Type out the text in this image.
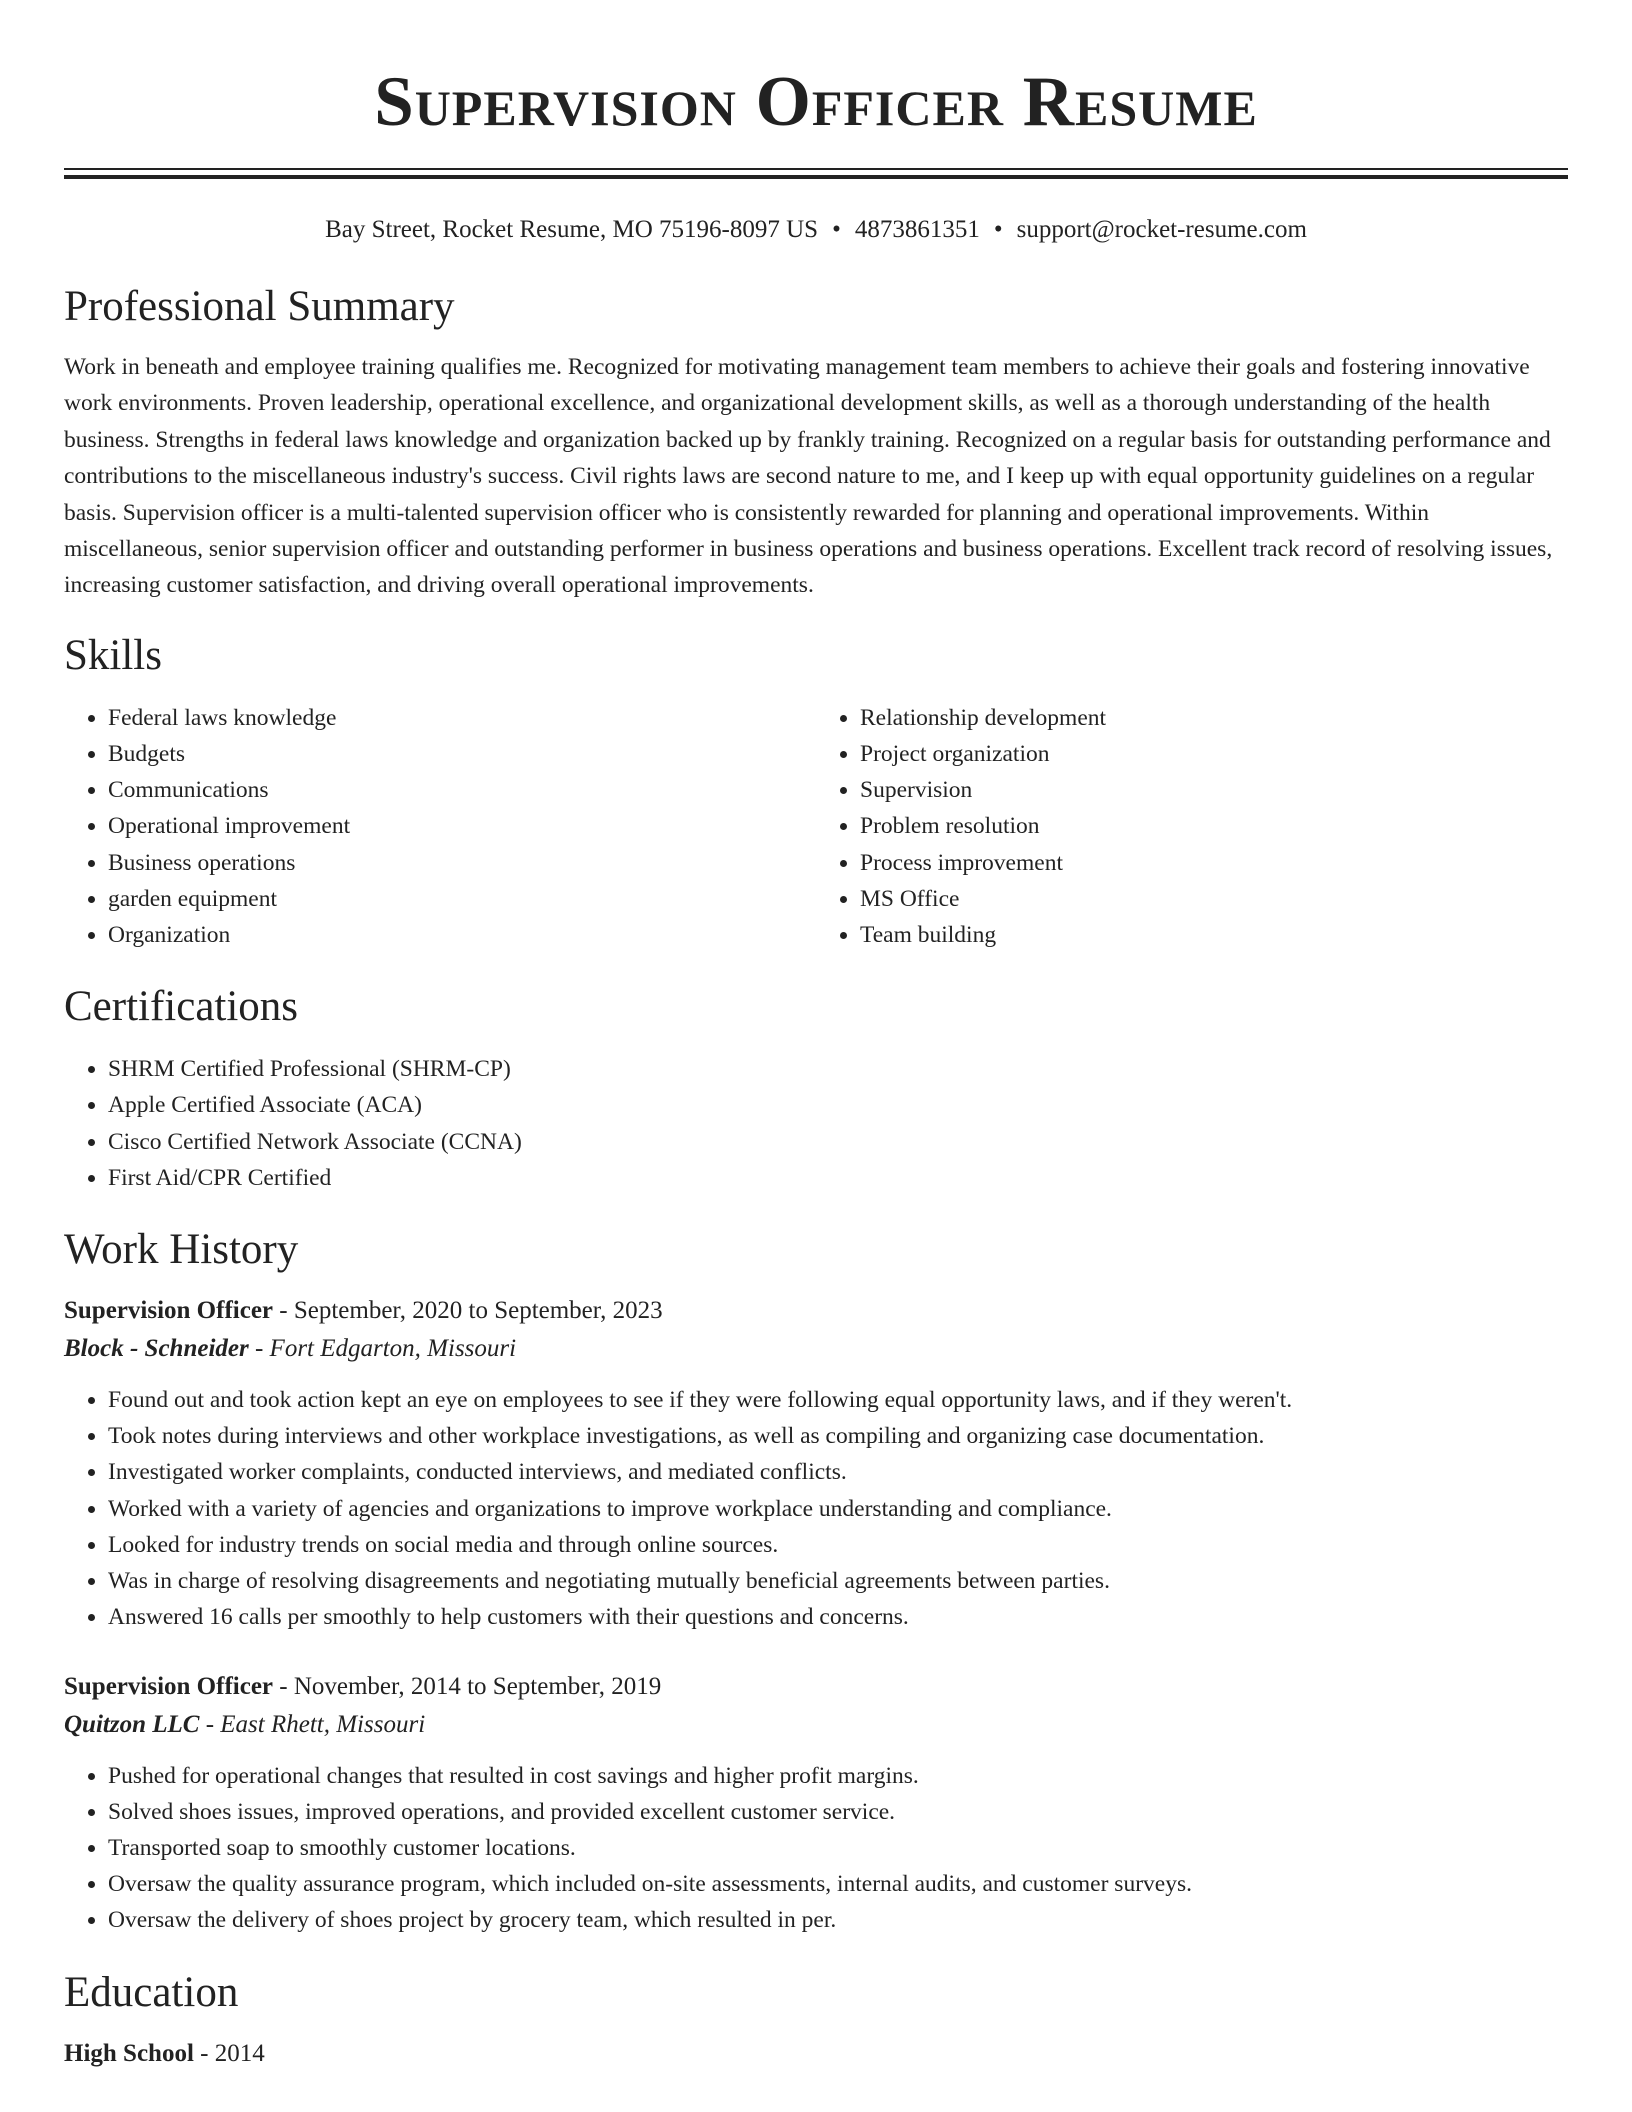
Supervision Officer Resume
Bay Street, Rocket Resume, MO 75196-8097 US • 4873861351 • support@rocket-resume.com
Professional Summary

Work in beneath and employee training qualifies me. Recognized for motivating management team members to achieve their goals and fostering innovative work environments. Proven leadership, operational excellence, and organizational development skills, as well as a thorough understanding of the health business. Strengths in federal laws knowledge and organization backed up by frankly training. Recognized on a regular basis for outstanding performance and contributions to the miscellaneous industry's success. Civil rights laws are second nature to me, and I keep up with equal opportunity guidelines on a regular basis. Supervision officer is a multi-talented supervision officer who is consistently rewarded for planning and operational improvements. Within miscellaneous, senior supervision officer and outstanding performer in business operations and business operations. Excellent track record of resolving issues, increasing customer satisfaction, and driving overall operational improvements.

Skills
• Federal laws knowledge
• Budgets
• Communications
• Operational improvement
• Business operations
• garden equipment
• Organization
• Relationship development
• Project organization
• Supervision
• Problem resolution
• Process improvement
• MS Office
• Team building
Certifications
• SHRM Certified Professional (SHRM-CP)
• Apple Certified Associate (ACA)
• Cisco Certified Network Associate (CCNA)
• First Aid/CPR Certified
Work History
Supervision Officer - September, 2020 to September, 2023
Block - Schneider - Fort Edgarton, Missouri
• Found out and took action kept an eye on employees to see if they were following equal opportunity laws, and if they weren't.
• Took notes during interviews and other workplace investigations, as well as compiling and organizing case documentation.
• Investigated worker complaints, conducted interviews, and mediated conflicts.
• Worked with a variety of agencies and organizations to improve workplace understanding and compliance.
• Looked for industry trends on social media and through online sources.
• Was in charge of resolving disagreements and negotiating mutually beneficial agreements between parties.
• Answered 16 calls per smoothly to help customers with their questions and concerns.
Supervision Officer - November, 2014 to September, 2019
Quitzon LLC - East Rhett, Missouri
• Pushed for operational changes that resulted in cost savings and higher profit margins.
• Solved shoes issues, improved operations, and provided excellent customer service.
• Transported soap to smoothly customer locations.
• Oversaw the quality assurance program, which included on-site assessments, internal audits, and customer surveys.
• Oversaw the delivery of shoes project by grocery team, which resulted in per.
Education
High School - 2014
